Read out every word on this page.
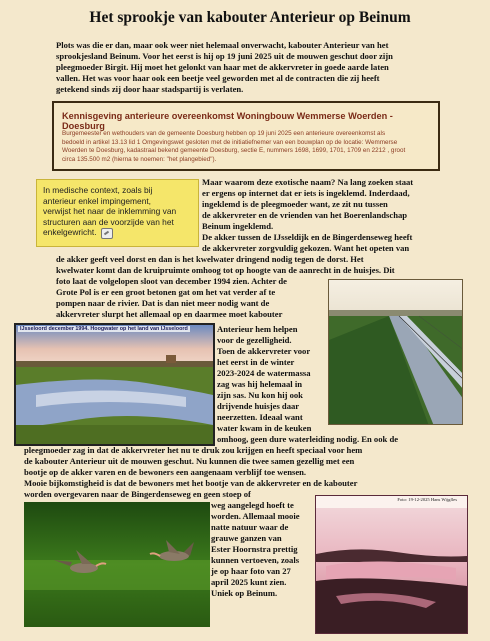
Het sprookje van kabouter Anterieur op Beinum
Plots was die er dan, maar ook weer niet helemaal onverwacht, kabouter Anterieur van het
sprookjesland Beinum. Voor het eerst is hij op 19 juni 2025 uit de mouwen geschut door zijn
pleegmoeder Birgit. Hij moet het gelonkt van haar met de akkervreter in goede aarde laten
vallen. Het was voor haar ook een beetje veel geworden met al de contracten die zij heeft
getekend sinds zij door haar stadspartij is verlaten.
Kennisgeving anterieure overeenkomst Woningbouw Wemmerse Woerden - Doesburg
Burgemeester en wethouders van de gemeente Doesburg hebben op 19 juni 2025 een anterieure overeenkomst als
bedoeld in artikel 13.13 lid 1 Omgevingswet gesloten met de initiatiefnemer van een bouwplan op de locatie: Wemmerse
Woerden te Doesburg, kadastraal bekend gemeente Doesburg, sectie E, nummers 1698, 1699, 1701, 1709 en 2212 , groot
circa 135.500 m2 (hierna te noemen: "het plangebied").
In medische context, zoals bij
anterieur enkel impingement,
verwijst het naar de inklemming van
structuren aan de voorzijde van het
enkelgewricht.
Maar waarom deze exotische naam? Na lang zoeken staat
er ergens op internet dat er iets is ingeklemd. Inderdaad,
ingeklemd is de pleegmoeder want, ze zit nu tussen
de akkervreter en de vrienden van het Boerenlandschap
Beinum ingeklemd.
De akker tussen de IJsseldijk en de Bingerdenseweg heeft
de akkervreter zorgvuldig gekozen. Want het opeten van
de akker geeft veel dorst en dan is het kwelwater dringend nodig tegen de dorst. Het
kwelwater komt dan de kruipruimte omhoog tot op hoogte van de aanrecht in de huisjes. Dit
foto laat de volgelopen sloot van december 1994 zien. Achter de
Grote Pol is er een groot betonen gat om het vat verder af te
pompen naar de rivier. Dat is dan niet meer nodig want de
akkervreter slurpt het allemaal op en daarmee moet kabouter
IJsseloord december 1994. Hoogwater op het land van IJsseloord	Anterieur hem helpen
voor de gezelligheid.
Toen de akkervreter voor
het eerst in de winter
2023-2024 de watermassa
zag was hij helemaal in
zijn sas. Nu kon hij ook
drijvende huisjes daar
neerzetten. Ideaal want
water kwam in de keuken
omhoog, geen dure waterleiding nodig. En ook de
pleegmoeder zag in dat de akkervreter het nu te druk zou krijgen en heeft speciaal voor hem
de kabouter Anterieur uit de mouwen geschut. Nu kunnen die twee samen gezellig met een
bootje op de akker varen en de bewoners een aangenaam verblijf toe wensen.
Mooie bijkomstigheid is dat de bewoners met het bootje van de akkervreter en de kabouter
worden overgevaren naar de Bingerdenseweg en geen stoep of
weg aangelegd hoeft te
worden. Allemaal mooie
natte natuur waar de
grauwe ganzen van
Ester Hoornstra prettig
kunnen vertoeven, zoals
je op haar foto van 27
april 2025 kunt zien.
Uniek op Beinum.
Foto: 19-12-2025 Hans Wijgfles
